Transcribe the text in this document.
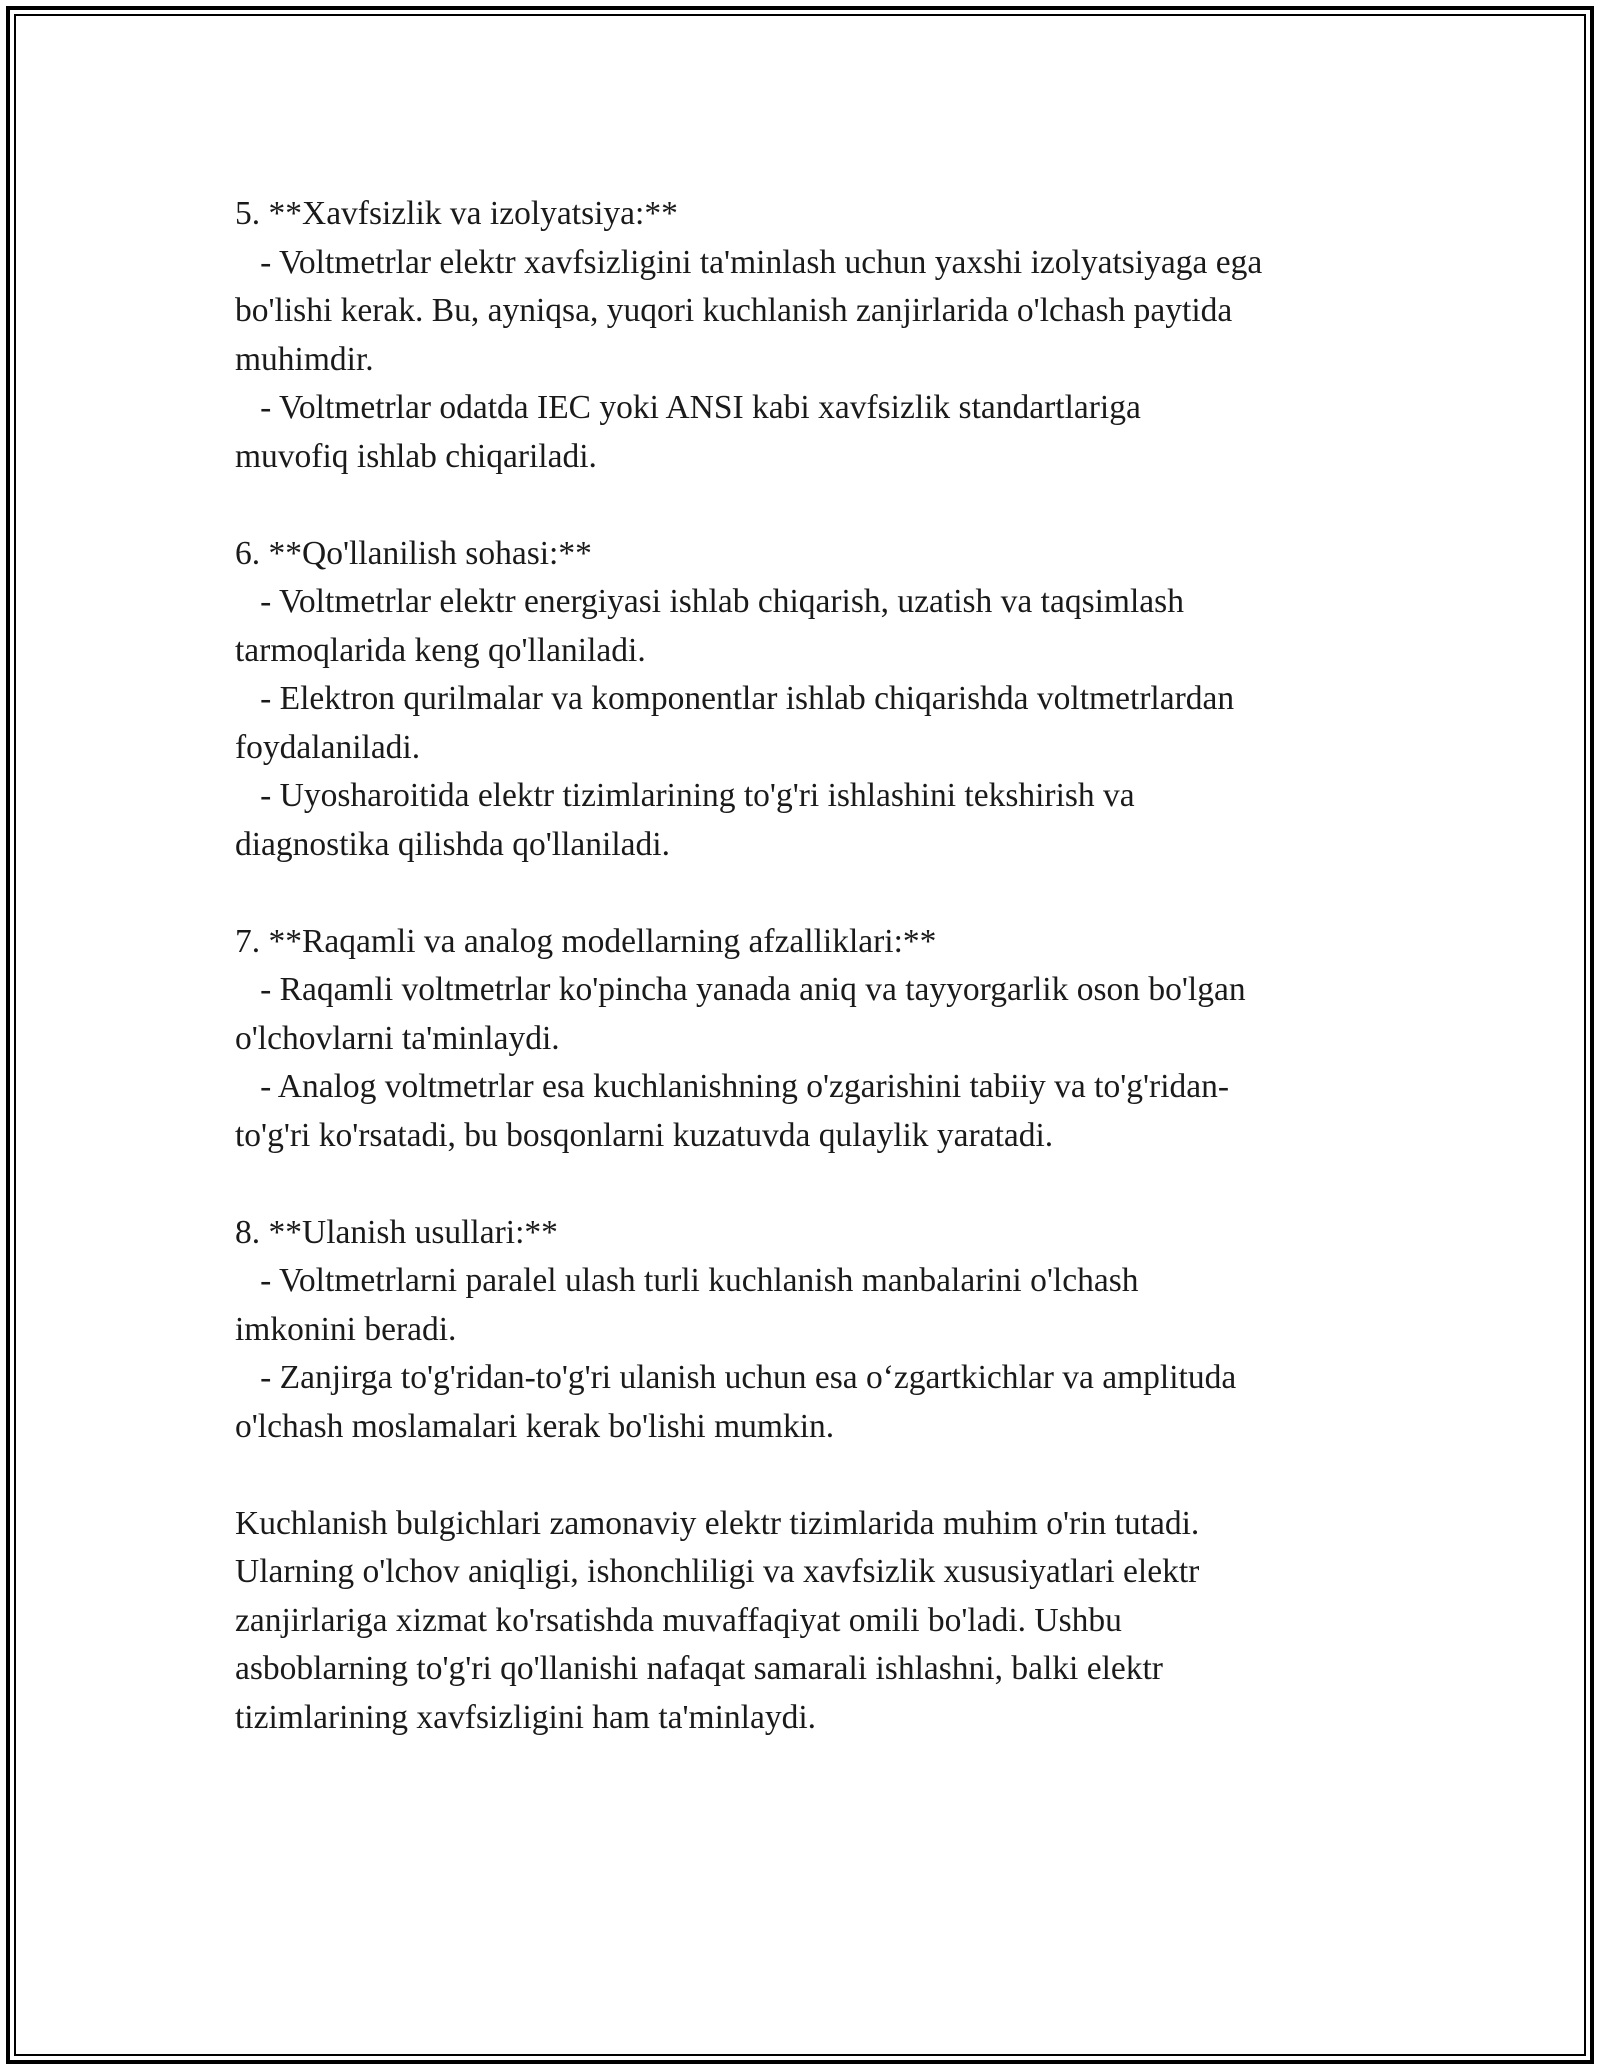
5. **Xavfsizlik va izolyatsiya:**
- Voltmetrlar elektr xavfsizligini ta'minlash uchun yaxshi izolyatsiyaga ega
bo'lishi kerak. Bu, ayniqsa, yuqori kuchlanish zanjirlarida o'lchash paytida
muhimdir.
- Voltmetrlar odatda IEC yoki ANSI kabi xavfsizlik standartlariga
muvofiq ishlab chiqariladi.
6. **Qo'llanilish sohasi:**
- Voltmetrlar elektr energiyasi ishlab chiqarish, uzatish va taqsimlash
tarmoqlarida keng qo'llaniladi.
- Elektron qurilmalar va komponentlar ishlab chiqarishda voltmetrlardan
foydalaniladi.
- Uyosharoitida elektr tizimlarining to'g'ri ishlashini tekshirish va
diagnostika qilishda qo'llaniladi.
7. **Raqamli va analog modellarning afzalliklari:**
- Raqamli voltmetrlar ko'pincha yanada aniq va tayyorgarlik oson bo'lgan
o'lchovlarni ta'minlaydi.
- Analog voltmetrlar esa kuchlanishning o'zgarishini tabiiy va to'g'ridan-
to'g'ri ko'rsatadi, bu bosqonlarni kuzatuvda qulaylik yaratadi.
8. **Ulanish usullari:**
- Voltmetrlarni paralel ulash turli kuchlanish manbalarini o'lchash
imkonini beradi.
- Zanjirga to'g'ridan-to'g'ri ulanish uchun esa o‘zgartkichlar va amplituda
o'lchash moslamalari kerak bo'lishi mumkin.
Kuchlanish bulgichlari zamonaviy elektr tizimlarida muhim o'rin tutadi.
Ularning o'lchov aniqligi, ishonchliligi va xavfsizlik xususiyatlari elektr
zanjirlariga xizmat ko'rsatishda muvaffaqiyat omili bo'ladi. Ushbu
asboblarning to'g'ri qo'llanishi nafaqat samarali ishlashni, balki elektr
tizimlarining xavfsizligini ham ta'minlaydi.
